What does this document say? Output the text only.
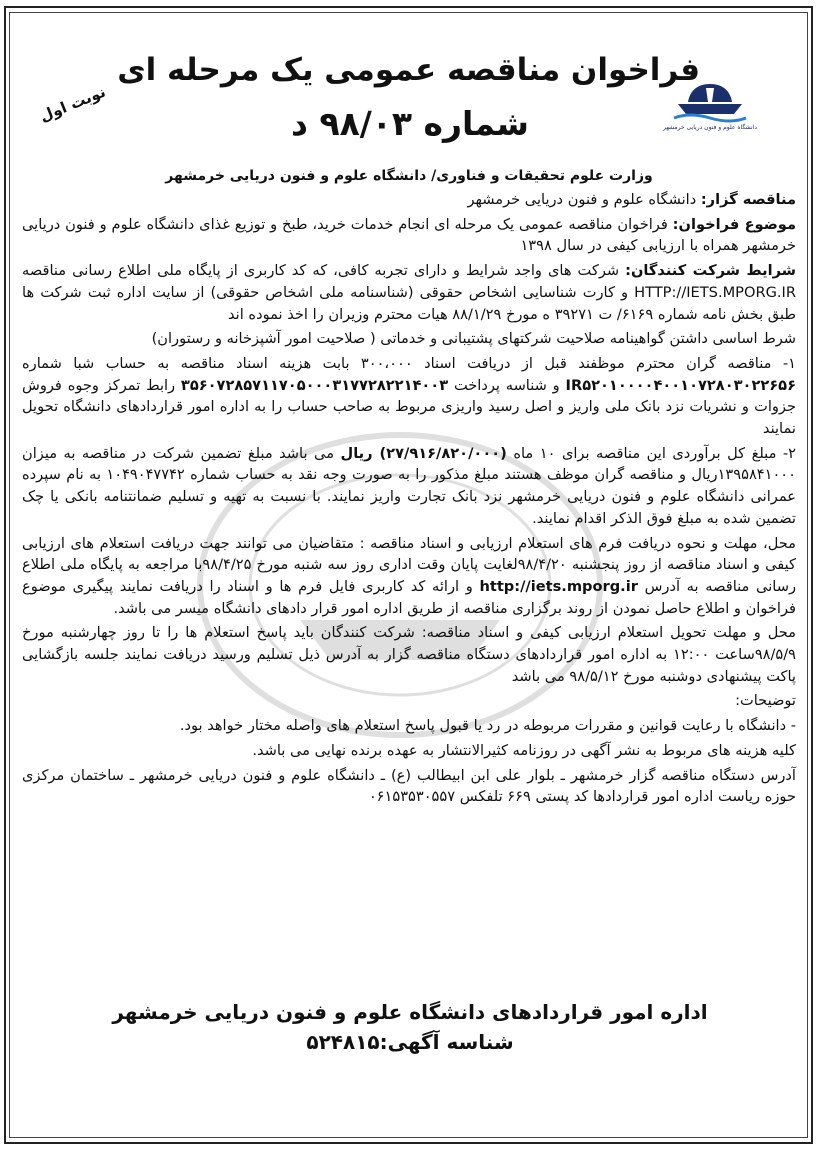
دانشگاه علوم و فنون دریایی خرمشهر
نوبت اول
فراخوان مناقصه عمومی یک مرحله ای
شماره ۹۸/۰۳ د
وزارت علوم تحقیقات و فناوری/ دانشگاه علوم و فنون دریایی خرمشهر

مناقصه گزار: دانشگاه علوم و فنون دریایی خرمشهر

موضوع فراخوان: فراخوان مناقصه عمومی یک مرحله ای انجام خدمات خرید، طبخ و توزیع غذای دانشگاه علوم و فنون دریایی خرمشهر همراه با ارزیابی کیفی در سال ۱۳۹۸

شرایط شرکت کنندگان: شرکت های واجد شرایط و دارای تجربه کافی، که کد کاربری از پایگاه ملی اطلاع رسانی مناقصه HTTP://IETS.MPORG.IR و کارت شناسایی اشخاص حقوقی (شناسنامه ملی اشخاص حقوقی) از سایت اداره ثبت شرکت ها طبق بخش نامه شماره ۶۱۶۹/ ت ۳۹۲۷۱ ه مورخ ۸۸/۱/۲۹ هیات محترم وزیران را اخذ نموده اند

شرط اساسی داشتن گواهینامه صلاحیت شرکتهای پشتیبانی و خدماتی ( صلاحیت امور آشپزخانه و رستوران)

۱- مناقصه گران محترم موظفند قبل از دریافت اسناد ۳۰۰،۰۰۰ بابت هزینه اسناد مناقصه به حساب شبا شماره IR۵۲۰۱۰۰۰۰۴۰۰۱۰۷۲۸۰۳۰۲۲۶۵۶ و شناسه پرداخت ۳۵۶۰۷۲۸۵۷۱۱۷۰۵۰۰۰۳۱۷۷۲۸۲۲۱۴۰۰۳ رابط تمرکز وجوه فروش جزوات و نشریات نزد بانک ملی واریز و اصل رسید واریزی مربوط به صاحب حساب را به اداره امور قراردادهای دانشگاه تحویل نمایند

۲- مبلغ کل برآوردی این مناقصه برای ۱۰ ماه (۲۷/۹۱۶/۸۲۰/۰۰۰) ریال می باشد مبلغ تضمین شرکت در مناقصه به میزان ۱۳۹۵۸۴۱۰۰۰ریال و مناقصه گران موظف هستند مبلغ مذکور را به صورت وجه نقد به حساب شماره ۱۰۴۹۰۴۷۷۴۲ به نام سپرده عمرانی دانشگاه علوم و فنون دریایی خرمشهر نزد بانک تجارت واریز نمایند. با نسبت به تهیه و تسلیم ضمانتنامه بانکی یا چک تضمین شده به مبلغ فوق الذکر اقدام نمایند.

محل، مهلت و نحوه دریافت فرم های استعلام ارزیابی و اسناد مناقصه : متقاضیان می توانند جهت دریافت استعلام های ارزیابی کیفی و اسناد مناقصه از روز پنجشنبه ۹۸/۴/۲۰لغایت پایان وقت اداری روز سه شنبه مورخ ۹۸/۴/۲۵با مراجعه به پایگاه ملی اطلاع رسانی مناقصه به آدرس http://iets.mporg.ir و ارائه کد کاربری فایل فرم ها و اسناد را دریافت نمایند پیگیری موضوع فراخوان و اطلاع حاصل نمودن از روند برگزاری مناقصه از طریق اداره امور قرار دادهای دانشگاه میسر می باشد.

محل و مهلت تحویل استعلام ارزیابی کیفی و اسناد مناقصه: شرکت کنندگان باید پاسخ استعلام ها را تا روز چهارشنبه مورخ ۹۸/۵/۹ساعت ۱۲:۰۰ به اداره امور قراردادهای دستگاه مناقصه گزار به آدرس ذیل تسلیم ورسید دریافت نمایند جلسه بازگشایی پاکت پیشنهادی دوشنبه مورخ ۹۸/۵/۱۲ می باشد

توضیحات:

- دانشگاه با رعایت قوانین و مقررات مربوطه در رد یا قبول پاسخ استعلام های واصله مختار خواهد بود.

کلیه هزینه های مربوط به نشر آگهی در روزنامه کثیرالانتشار به عهده برنده نهایی می باشد.

آدرس دستگاه مناقصه گزار خرمشهر ـ بلوار علی ابن ابیطالب (ع) ـ دانشگاه علوم و فنون دریایی خرمشهر ـ ساختمان مرکزی حوزه ریاست اداره امور قراردادها کد پستی ۶۶۹ تلفکس ۰۶۱۵۳۵۳۰۵۵۷

اداره امور قراردادهای دانشگاه علوم و فنون دریایی خرمشهر
شناسه آگهی:۵۲۴۸۱۵
